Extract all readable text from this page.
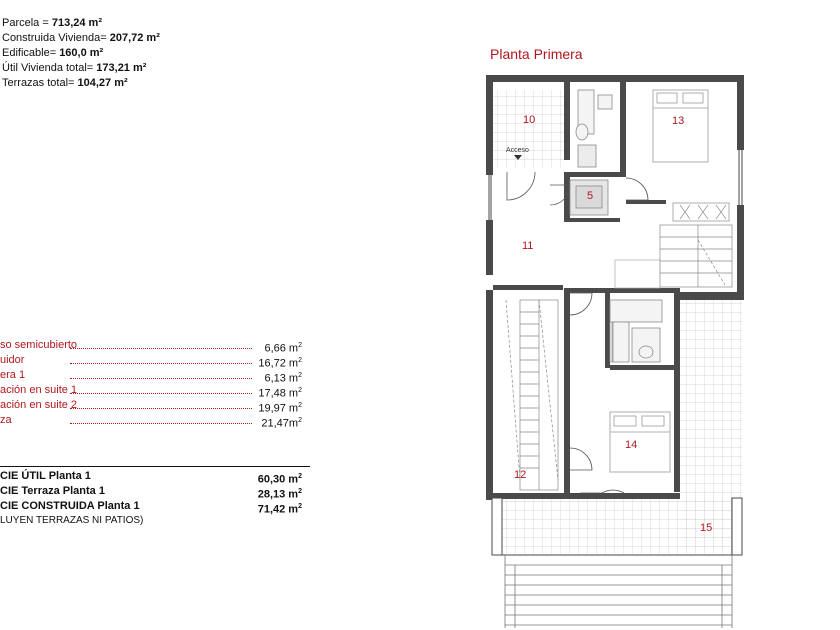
Parcela = 713,24 m²
Construida Vivienda= 207,72 m²
Edificable= 160,0 m²
Útil Vivienda total= 173,21 m²
Terrazas total= 104,27 m²
Planta Primera
so semicubierto	6,66 $m^2$
uidor	16,72 $m^2$
era 1	6,13 $m^2$
ación en suite 1	17,48 $m^2$
ación en suite 2	19,97 $m^2$
za	$21,47m^2$
CIE ÚTIL Planta 1	60,30 $m^2$
CIE Terraza Planta 1	28,13 $m^2$
CIE CONSTRUIDA Planta 1	71,42 $m^2$
LUYEN TERRAZAS NI PATIOS)
Acceso
10	13
5
11
14
12
15
